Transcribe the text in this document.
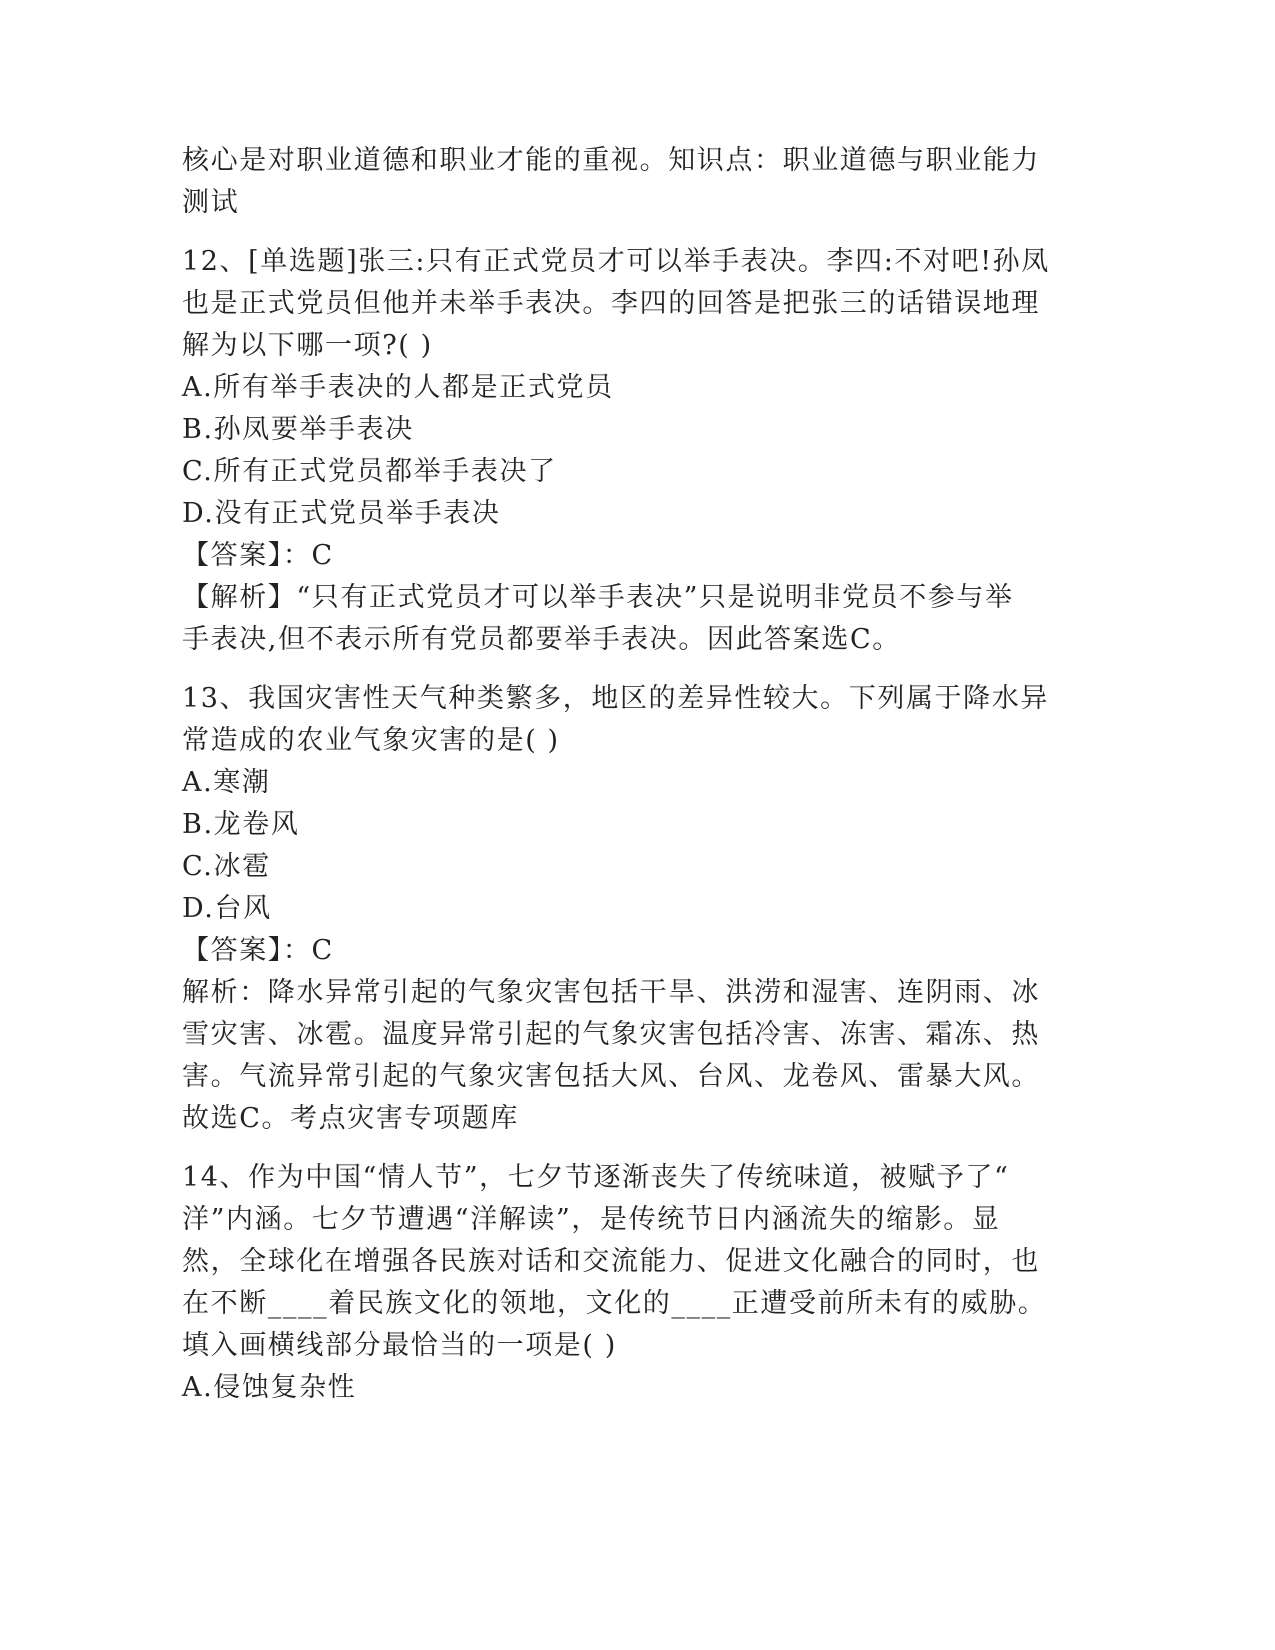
核心是对职业道德和职业才能的重视。知识点：职业道德与职业能力
测试
12、[单选题]张三:只有正式党员才可以举手表决。李四:不对吧!孙凤
也是正式党员但他并未举手表决。李四的回答是把张三的话错误地理
解为以下哪一项?( )
A.所有举手表决的人都是正式党员
B.孙凤要举手表决
C.所有正式党员都举手表决了
D.没有正式党员举手表决
【答案】：C
【解析】“只有正式党员才可以举手表决”只是说明非党员不参与举
手表决,但不表示所有党员都要举手表决。因此答案选C。
13、我国灾害性天气种类繁多，地区的差异性较大。下列属于降水异
常造成的农业气象灾害的是( )
A.寒潮
B.龙卷风
C.冰雹
D.台风
【答案】：C
解析：降水异常引起的气象灾害包括干旱、洪涝和湿害、连阴雨、冰
雪灾害、冰雹。温度异常引起的气象灾害包括冷害、冻害、霜冻、热
害。气流异常引起的气象灾害包括大风、台风、龙卷风、雷暴大风。
故选C。考点灾害专项题库
14、作为中国“情人节”，七夕节逐渐丧失了传统味道，被赋予了“
洋”内涵。七夕节遭遇“洋解读”，是传统节日内涵流失的缩影。显
然，全球化在增强各民族对话和交流能力、促进文化融合的同时，也
在不断____着民族文化的领地，文化的____正遭受前所未有的威胁。
填入画横线部分最恰当的一项是( )
A.侵蚀复杂性
